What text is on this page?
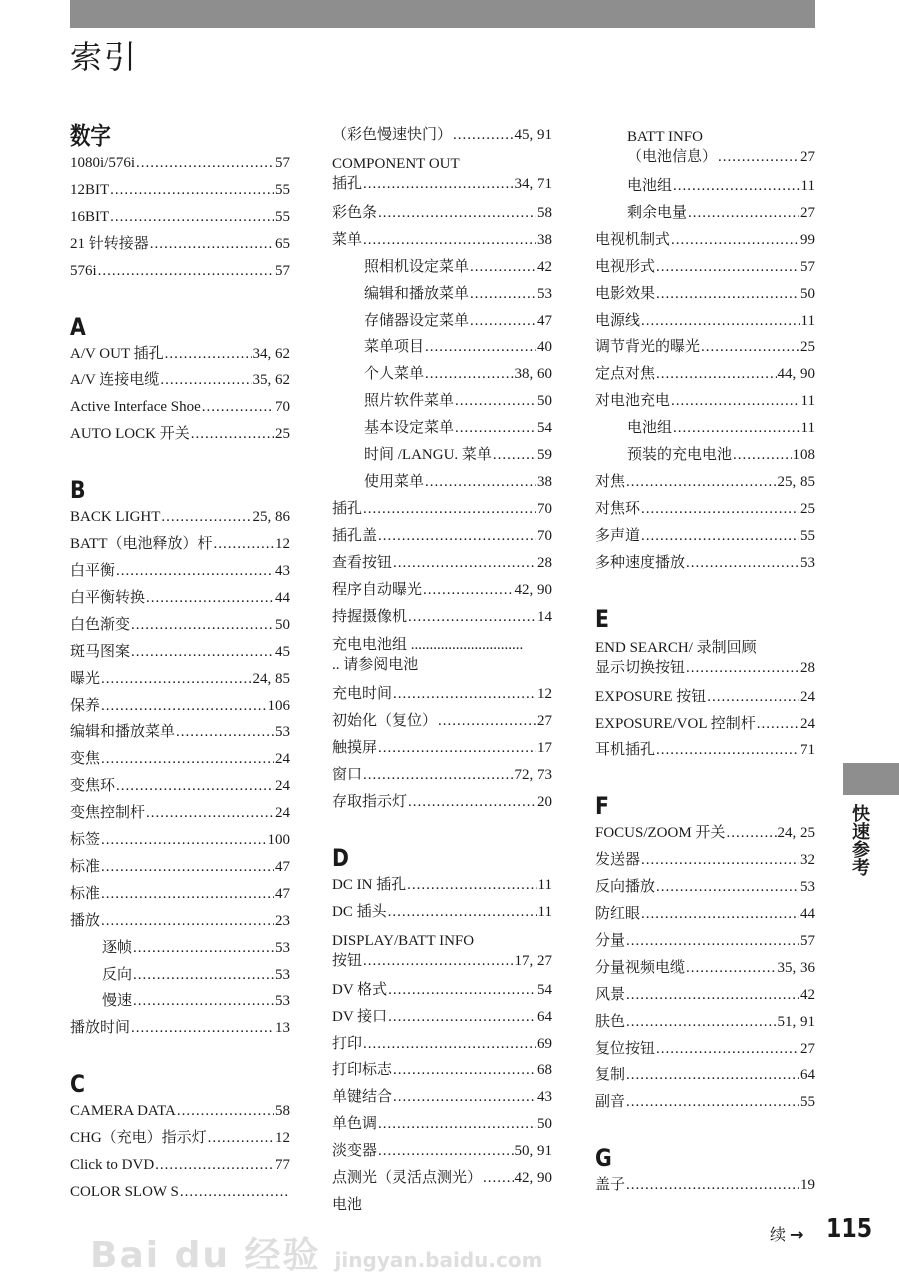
索引
数字
1080i/576i .....	57
12BIT .....	55
16BIT .....	55
21 针转接器 .....	65
576i .....	57
A
A/V OUT 插孔 .....	34, 62
A/V 连接电缆 .....	35, 62
Active Interface Shoe .....	70
AUTO LOCK 开关 .....	25
B
BACK LIGHT .....	25, 86
BATT（电池释放）杆 .....	12
白平衡 .....	43
白平衡转换 .....	44
白色渐变 .....	50
斑马图案 .....	45
曝光 .....	24, 85
保养 .....	106
编辑和播放菜单 .....	53
变焦 .....	24
变焦环 .....	24
变焦控制杆 .....	24
标签 .....	100
标准 .....	47
标准 .....	47
播放 .....	23
逐帧 .....	53
反向 .....	53
慢速 .....	53
播放时间 .....	13
C
CAMERA DATA .....	58
CHG（充电）指示灯 .....	12
Click to DVD .....	77
COLOR SLOW S
.....
（彩色慢速快门） .....	45, 91
COMPONENT OUT
插孔 .....	34, 71
彩色条 .....	58
菜单 .....	38
照相机设定菜单 .....	42
编辑和播放菜单 .....	53
存储器设定菜单 .....	47
菜单项目 .....	40
个人菜单 .....	38, 60
照片软件菜单 .....	50
基本设定菜单 .....	54
时间 /LANGU. 菜单 .....	59
使用菜单 .....	38
插孔 .....	70
插孔盖 .....	70
查看按钮 .....	28
程序自动曝光 .....	42, 90
持握摄像机 .....	14
充电电池组 ..............................
.. 请参阅电池
充电时间 .....	12
初始化（复位） .....	27
触摸屏 .....	17
窗口 .....	72, 73
存取指示灯 .....	20
D
DC IN 插孔 .....	11
DC 插头 .....	11
DISPLAY/BATT INFO
按钮 .....	17, 27
DV 格式 .....	54
DV 接口 .....	64
打印 .....	69
打印标志 .....	68
单键结合 .....	43
单色调 .....	50
淡变器 .....	50, 91
点测光（灵活点测光） ..... 42, 90
电池
BATT INFO
（电池信息） .....	27
电池组 .....	11
剩余电量 .....	27
电视机制式 .....	99
电视形式 .....	57
电影效果 .....	50
电源线 .....	11
调节背光的曝光 .....	25
定点对焦 .....	44, 90
对电池充电 .....	11
电池组 .....	11
预装的充电电池 .....	108
对焦 .....	25, 85
对焦环 .....	25
多声道 .....	55
多种速度播放 .....	53
E
END SEARCH/ 录制回顾
显示切换按钮 .....	28
EXPOSURE 按钮 .....	24
EXPOSURE/VOL 控制杆 .....	24
耳机插孔 .....	71
F
FOCUS/ZOOM 开关 .....	24, 25
发送器 .....	32
反向播放 .....	53
防红眼 .....	44
分量 .....	57
分量视频电缆 .....	35, 36
风景 .....	42
肤色 .....	51, 91
复位按钮 .....	27
复制 .....	64
副音 .....	55
G
盖子 .....	19
快速参考
Bai du 经验 jingyan.baidu.com
续 → 115
